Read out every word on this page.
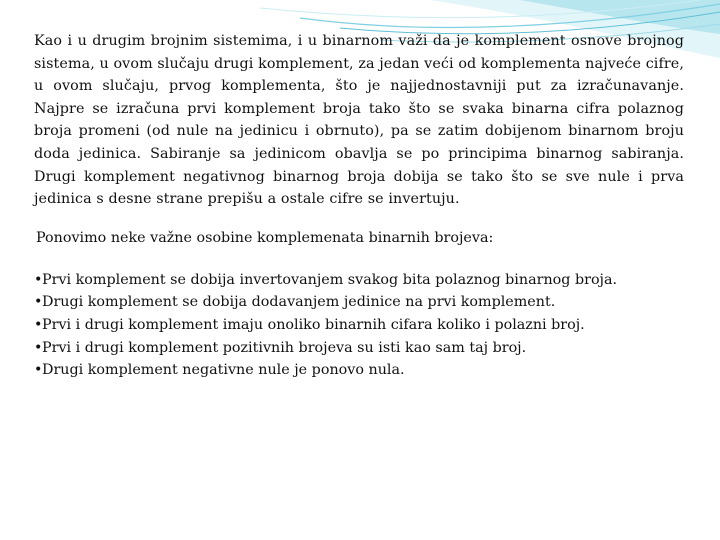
Kao i u drugim brojnim sistemima, i u binarnom važi da je komplement osnove brojnog sistema, u ovom slučaju drugi komplement, za jedan veći od komplementa najveće cifre, u ovom slučaju, prvog komplementa, što je najjednostavniji put za izračunavanje. Najpre se izračuna prvi komplement broja tako što se svaka binarna cifra polaznog broja promeni (od nule na jedinicu i obrnuto), pa se zatim dobijenom binarnom broju doda jedinica. Sabiranje sa jedinicom obavlja se po principima binarnog sabiranja. Drugi komplement negativnog binarnog broja dobija se tako što se sve nule i prva jedinica s desne strane prepišu a ostale cifre se invertuju.

Ponovimo neke važne osobine komplemenata binarnih brojeva:

•Prvi komplement se dobija invertovanjem svakog bita polaznog binarnog broja.
•Drugi komplement se dobija dodavanjem jedinice na prvi komplement.
•Prvi i drugi komplement imaju onoliko binarnih cifara koliko i polazni broj.
•Prvi i drugi komplement pozitivnih brojeva su isti kao sam taj broj.
•Drugi komplement negativne nule je ponovo nula.
